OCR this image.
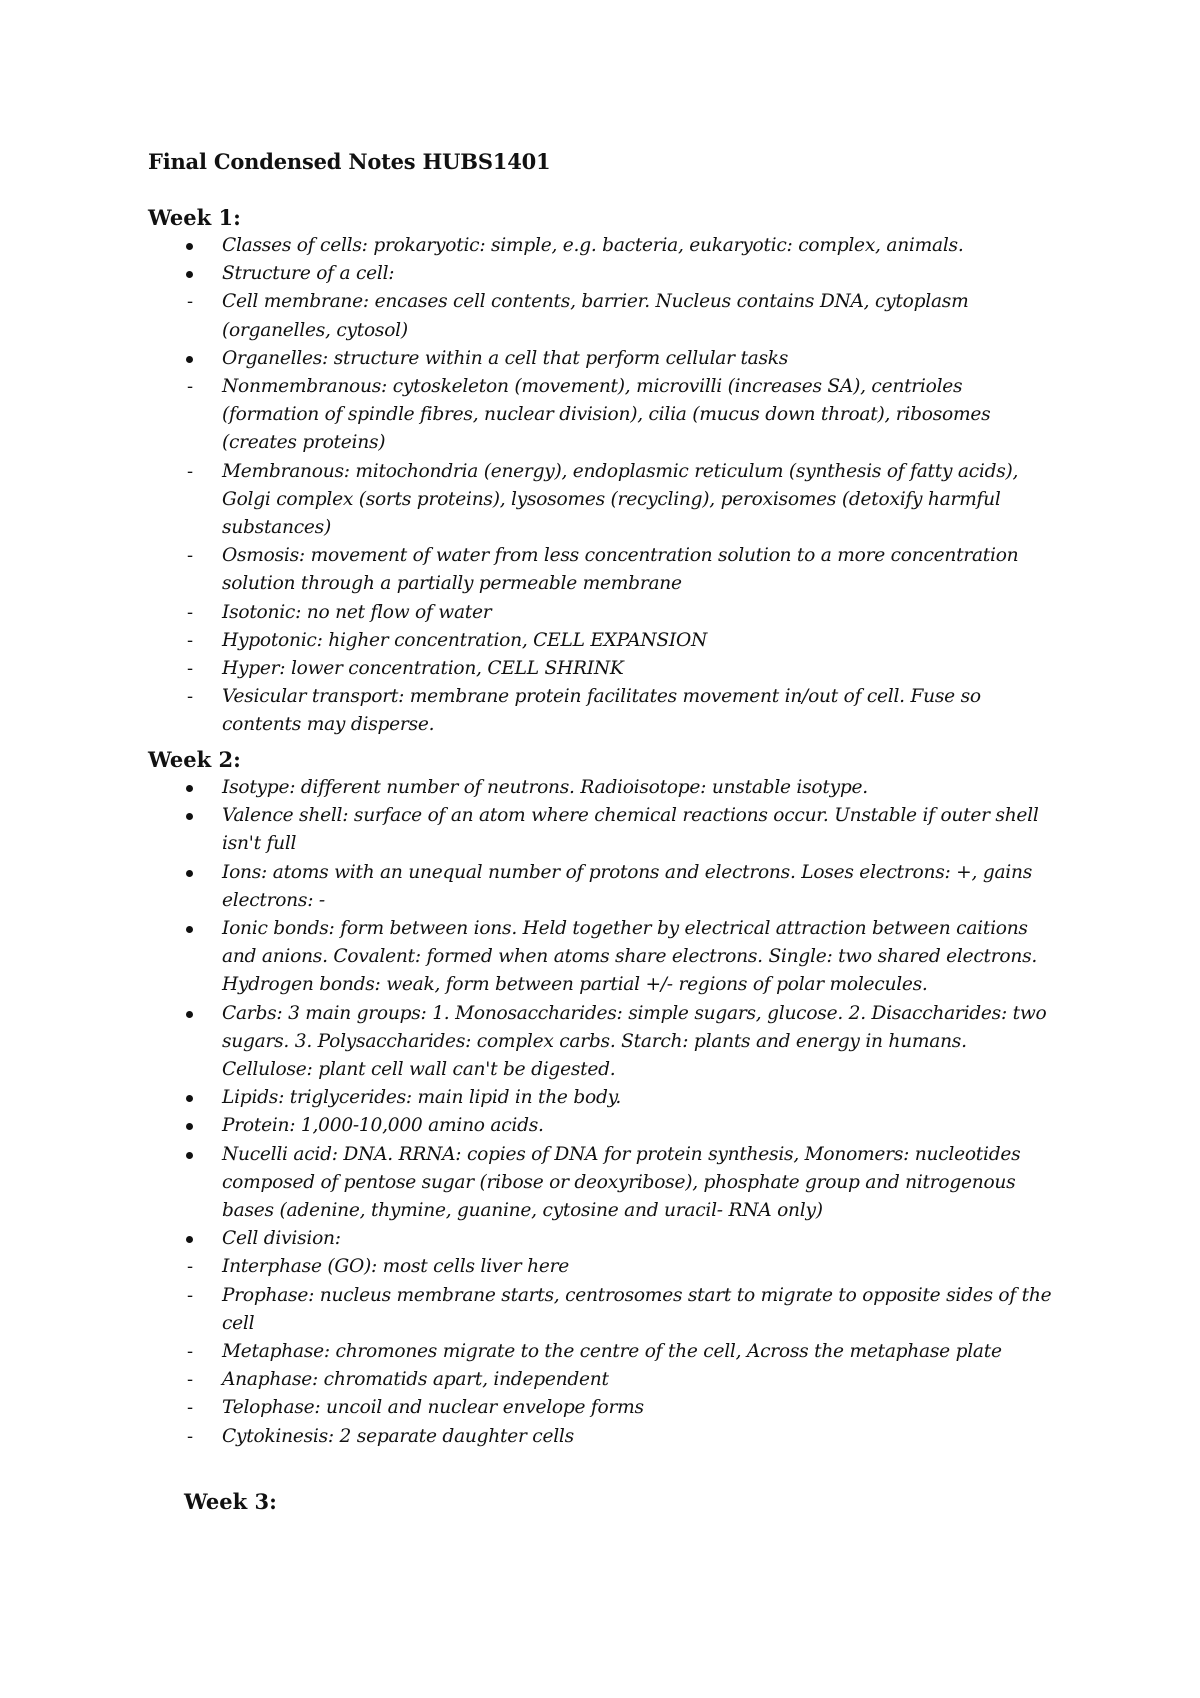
Final Condensed Notes HUBS1401
Week 1:
Classes of cells: prokaryotic: simple, e.g. bacteria, eukaryotic: complex, animals.
Structure of a cell:
Cell membrane: encases cell contents, barrier. Nucleus contains DNA, cytoplasm (organelles, cytosol)
Organelles: structure within a cell that perform cellular tasks
Nonmembranous: cytoskeleton (movement), microvilli (increases SA), centrioles (formation of spindle fibres, nuclear division), cilia (mucus down throat), ribosomes (creates proteins)
Membranous: mitochondria (energy), endoplasmic reticulum (synthesis of fatty acids), Golgi complex (sorts proteins), lysosomes (recycling), peroxisomes (detoxify harmful substances)
Osmosis: movement of water from less concentration solution to a more concentration solution through a partially permeable membrane
Isotonic: no net flow of water
Hypotonic: higher concentration, CELL EXPANSION
Hyper: lower concentration, CELL SHRINK
Vesicular transport: membrane protein facilitates movement in/out of cell. Fuse so contents may disperse.
Week 2:
Isotype: different number of neutrons. Radioisotope: unstable isotype.
Valence shell: surface of an atom where chemical reactions occur. Unstable if outer shell isn't full
Ions: atoms with an unequal number of protons and electrons. Loses electrons: +, gains electrons: -
Ionic bonds: form between ions. Held together by electrical attraction between caitions and anions. Covalent: formed when atoms share electrons. Single: two shared electrons. Hydrogen bonds: weak, form between partial +/- regions of polar molecules.
Carbs: 3 main groups: 1. Monosaccharides: simple sugars, glucose. 2. Disaccharides: two sugars. 3. Polysaccharides: complex carbs. Starch: plants and energy in humans. Cellulose: plant cell wall can't be digested.
Lipids: triglycerides: main lipid in the body.
Protein: 1,000-10,000 amino acids.
Nucelli acid: DNA. RRNA: copies of DNA for protein synthesis, Monomers: nucleotides composed of pentose sugar (ribose or deoxyribose), phosphate group and nitrogenous bases (adenine, thymine, guanine, cytosine and uracil- RNA only)
Cell division:
Interphase (GO): most cells liver here
Prophase: nucleus membrane starts, centrosomes start to migrate to opposite sides of the cell
Metaphase: chromones migrate to the centre of the cell, Across the metaphase plate
Anaphase: chromatids apart, independent
Telophase: uncoil and nuclear envelope forms
Cytokinesis: 2 separate daughter cells
Week 3:
